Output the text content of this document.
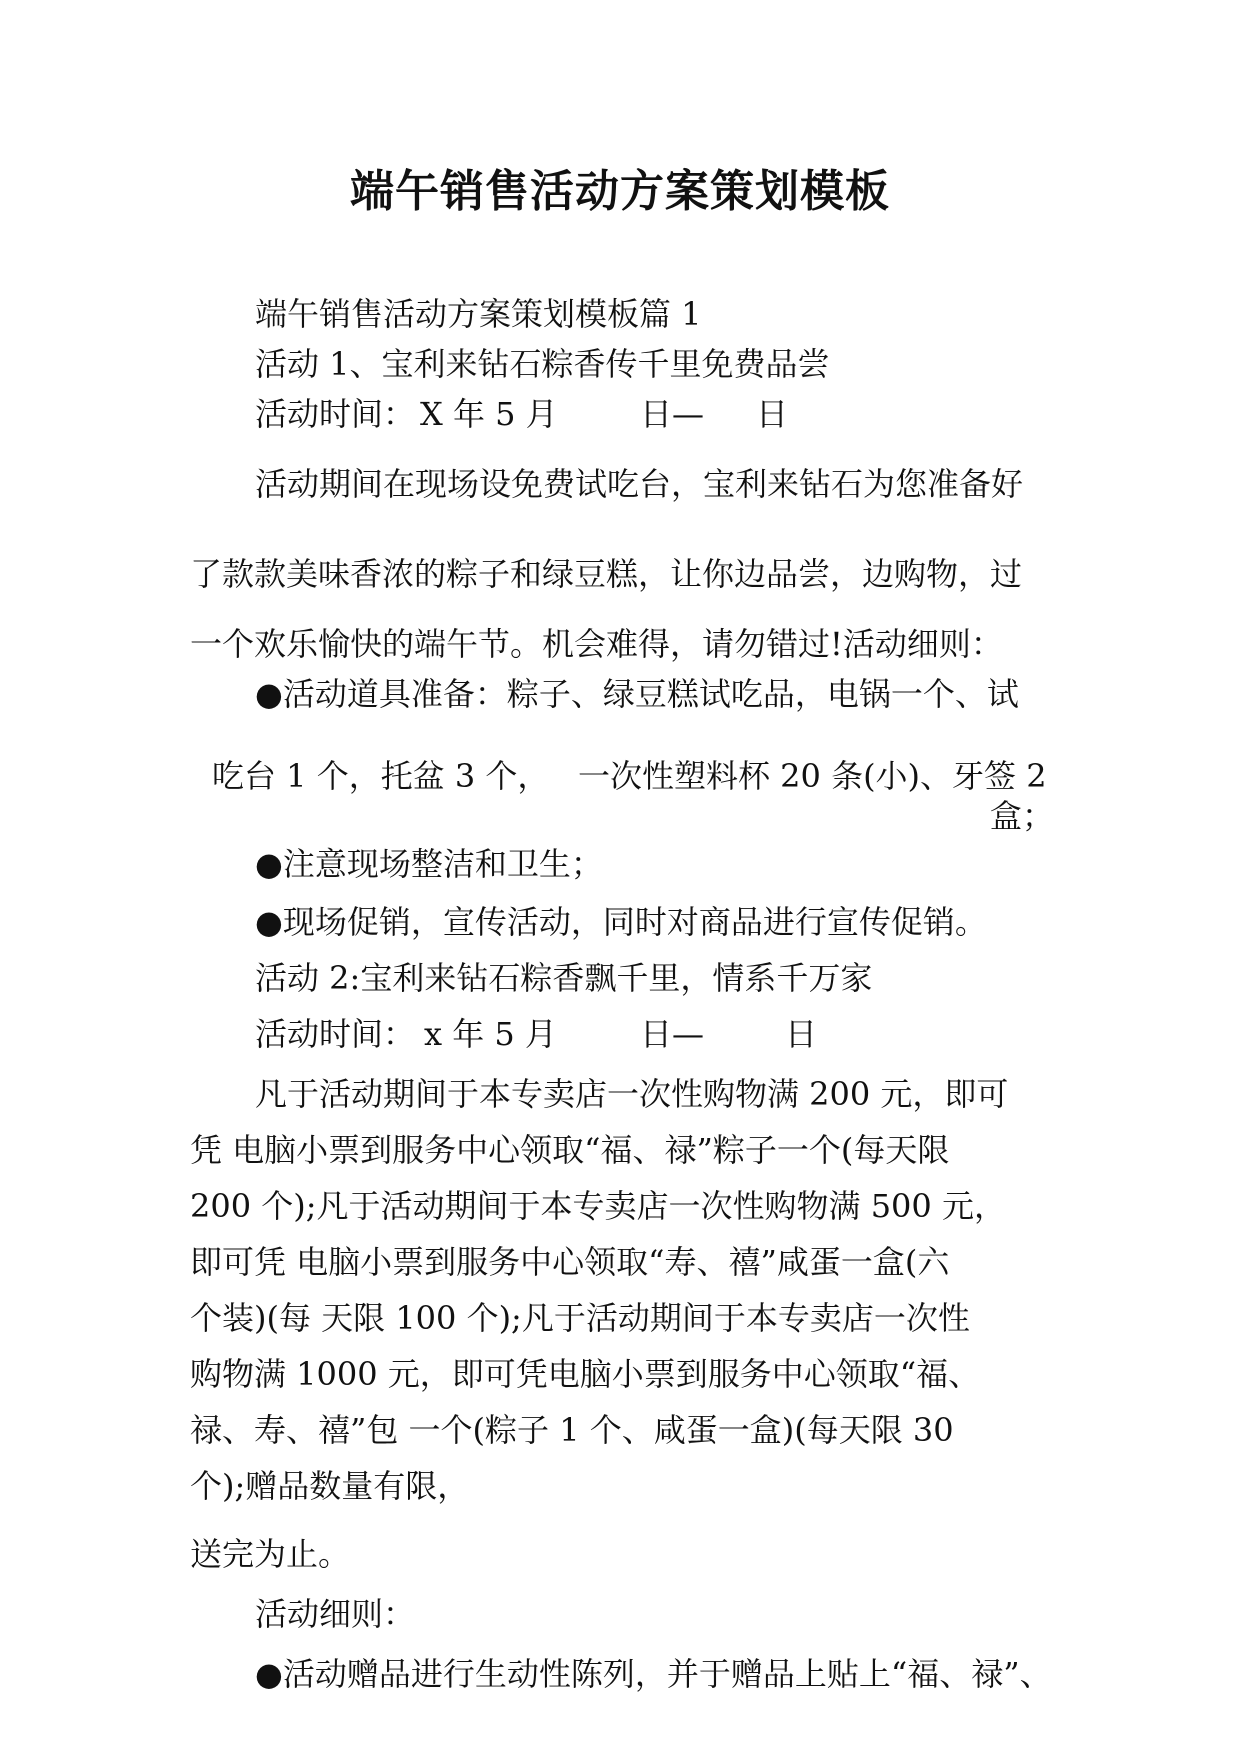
端午销售活动方案策划模板
端午销售活动方案策划模板篇 1
活动 1、宝利来钻石粽香传千里免费品尝
活动时间： X 年 5 月	日— 日
活动期间在现场设免费试吃台，宝利来钻石为您准备好
了款款美味香浓的粽子和绿豆糕，让你边品尝，边购物，过
一个欢乐愉快的端午节。机会难得，请勿错过!活动细则：
●活动道具准备：粽子、绿豆糕试吃品，电锅一个、试
吃台 1 个，托盆 3 个， 一次性塑料杯 20 条(小)、牙签 2
盒；
●注意现场整洁和卫生；
●现场促销，宣传活动，同时对商品进行宣传促销。
活动 2:宝利来钻石粽香飘千里，情系千万家
活动时间： x 年 5 月	日—	日
凡于活动期间于本专卖店一次性购物满 200 元，即可
凭 电脑小票到服务中心领取“福、禄”粽子一个(每天限
200 个);凡于活动期间于本专卖店一次性购物满 500 元，
即可凭 电脑小票到服务中心领取“寿、禧”咸蛋一盒(六
个装)(每 天限 100 个);凡于活动期间于本专卖店一次性
购物满 1000 元，即可凭电脑小票到服务中心领取“福、
禄、寿、禧”包 一个(粽子 1 个、咸蛋一盒)(每天限 30
个);赠品数量有限，
送完为止。
活动细则：
●活动赠品进行生动性陈列，并于赠品上贴上“福、禄”、
